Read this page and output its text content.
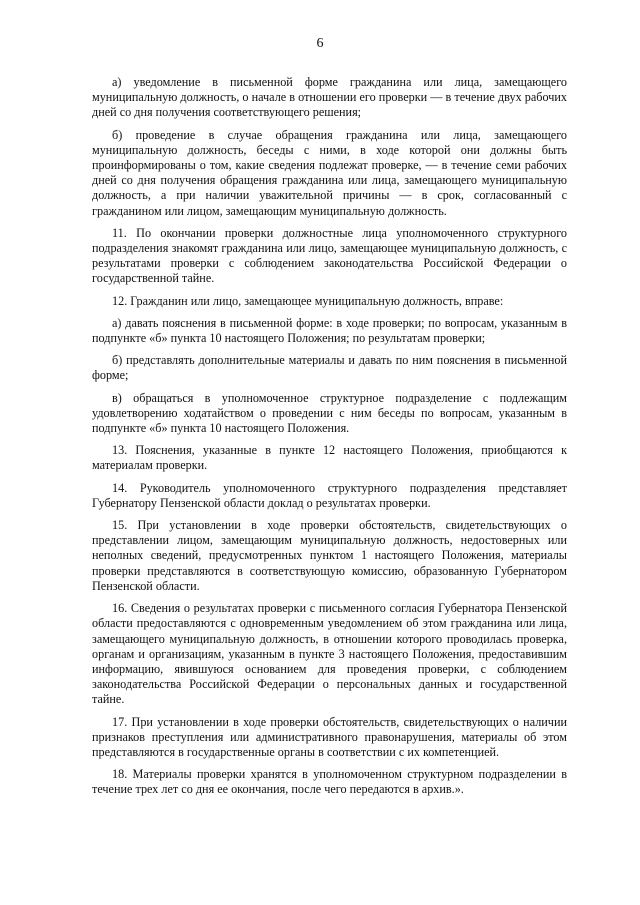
6

а) уведомление в письменной форме гражданина или лица, замещающего муниципальную должность, о начале в отношении его проверки — в течение двух рабочих дней со дня получения соответствующего решения;

б) проведение в случае обращения гражданина или лица, замещающего муниципальную должность, беседы с ними, в ходе которой они должны быть проинформированы о том, какие сведения подлежат проверке, — в течение семи рабочих дней со дня получения обращения гражданина или лица, замещающего муниципальную должность, а при наличии уважительной причины — в срок, согласованный с гражданином или лицом, замещающим муниципальную должность.

11. По окончании проверки должностные лица уполномоченного структурного подразделения знакомят гражданина или лицо, замещающее муниципальную должность, с результатами проверки с соблюдением законодательства Российской Федерации о государственной тайне.

12. Гражданин или лицо, замещающее муниципальную должность, вправе:

а) давать пояснения в письменной форме: в ходе проверки; по вопросам, указанным в подпункте «б» пункта 10 настоящего Положения; по результатам проверки;

б) представлять дополнительные материалы и давать по ним пояснения в письменной форме;

в) обращаться в уполномоченное структурное подразделение с подлежащим удовлетворению ходатайством о проведении с ним беседы по вопросам, указанным в подпункте «б» пункта 10 настоящего Положения.

13. Пояснения, указанные в пункте 12 настоящего Положения, приобщаются к материалам проверки.

14. Руководитель уполномоченного структурного подразделения представляет Губернатору Пензенской области доклад о результатах проверки.

15. При установлении в ходе проверки обстоятельств, свидетельствующих о представлении лицом, замещающим муниципальную должность, недостоверных или неполных сведений, предусмотренных пунктом 1 настоящего Положения, материалы проверки представляются в соответствующую комиссию, образованную Губернатором Пензенской области.

16. Сведения о результатах проверки с письменного согласия Губернатора Пензенской области предоставляются с одновременным уведомлением об этом гражданина или лица, замещающего муниципальную должность, в отношении которого проводилась проверка, органам и организациям, указанным в пункте 3 настоящего Положения, предоставившим информацию, явившуюся основанием для проведения проверки, с соблюдением законодательства Российской Федерации о персональных данных и государственной тайне.

17. При установлении в ходе проверки обстоятельств, свидетельствующих о наличии признаков преступления или административного правонарушения, материалы об этом представляются в государственные органы в соответствии с их компетенцией.

18. Материалы проверки хранятся в уполномоченном структурном подразделении в течение трех лет со дня ее окончания, после чего передаются в архив.».
